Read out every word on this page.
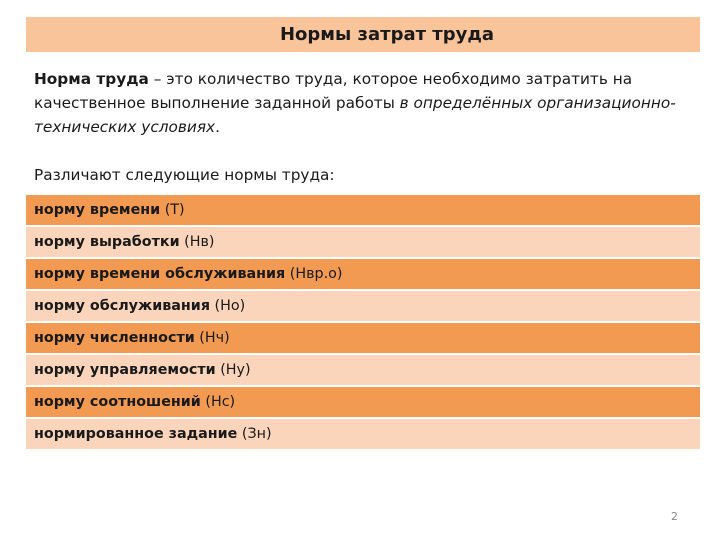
Нормы затрат труда

Норма труда – это количество труда, которое необходимо затратить на качественное выполнение заданной работы в определённых организационно-технических условиях.

Различают следующие нормы труда:

норму времени (Т)
норму выработки (Нв)
норму времени обслуживания (Нвр.о)
норму обслуживания (Но)
норму численности (Нч)
норму управляемости (Ну)
норму соотношений (Нс)
нормированное задание (Зн)
2
